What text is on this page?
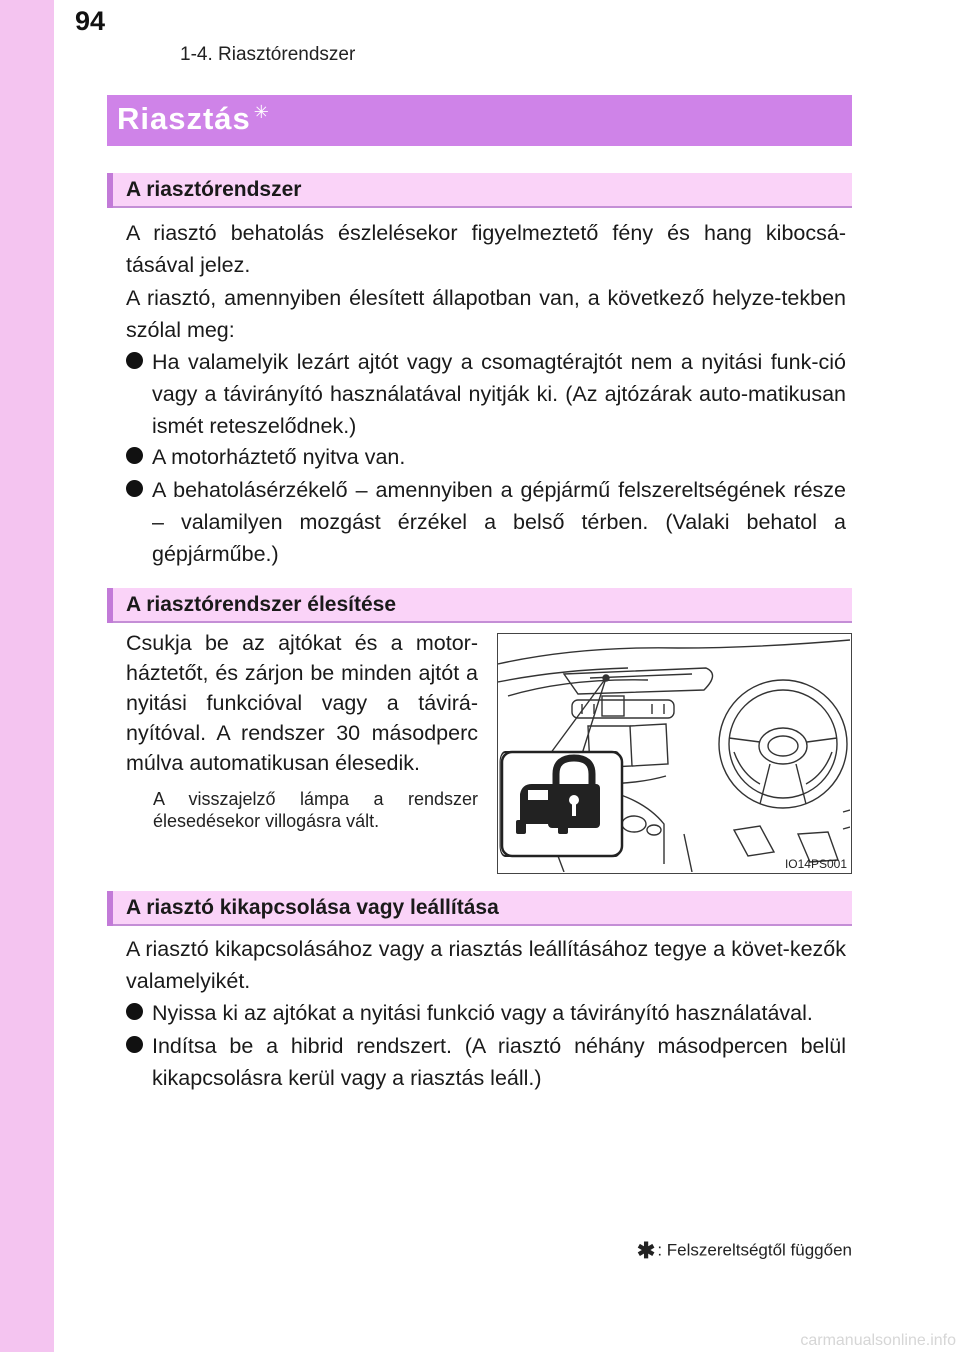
94
1-4. Riasztórendszer
Riasztás ✳
A riasztórendszer

A riasztó behatolás észlelésekor figyelmeztető fény és hang kibocsá-tásával jelez.

A riasztó, amennyiben élesített állapotban van, a következő helyze-tekben szólal meg:

Ha valamelyik lezárt ajtót vagy a csomagtérajtót nem a nyitási funk-ció vagy a távirányító használatával nyitják ki. (Az ajtózárak auto-matikusan ismét reteszelődnek.)
A motorháztető nyitva van.
A behatolásérzékelő – amennyiben a gépjármű felszereltségének része – valamilyen mozgást érzékel a belső térben. (Valaki behatol a gépjárműbe.)
A riasztórendszer élesítése

Csukja be az ajtókat és a motor-háztetőt, és zárjon be minden ajtót a nyitási funkcióval vagy a távirá-nyítóval. A rendszer 30 másodperc múlva automatikusan élesedik.

A visszajelző lámpa a rendszer élesedésekor villogásra vált.

IO14PS001
A riasztó kikapcsolása vagy leállítása

A riasztó kikapcsolásához vagy a riasztás leállításához tegye a követ-kezők valamelyikét.

Nyissa ki az ajtókat a nyitási funkció vagy a távirányító használatával.
Indítsa be a hibrid rendszert. (A riasztó néhány másodpercen belül kikapcsolásra kerül vagy a riasztás leáll.)
✱ : Felszereltségtől függően
carmanualsonline.info
